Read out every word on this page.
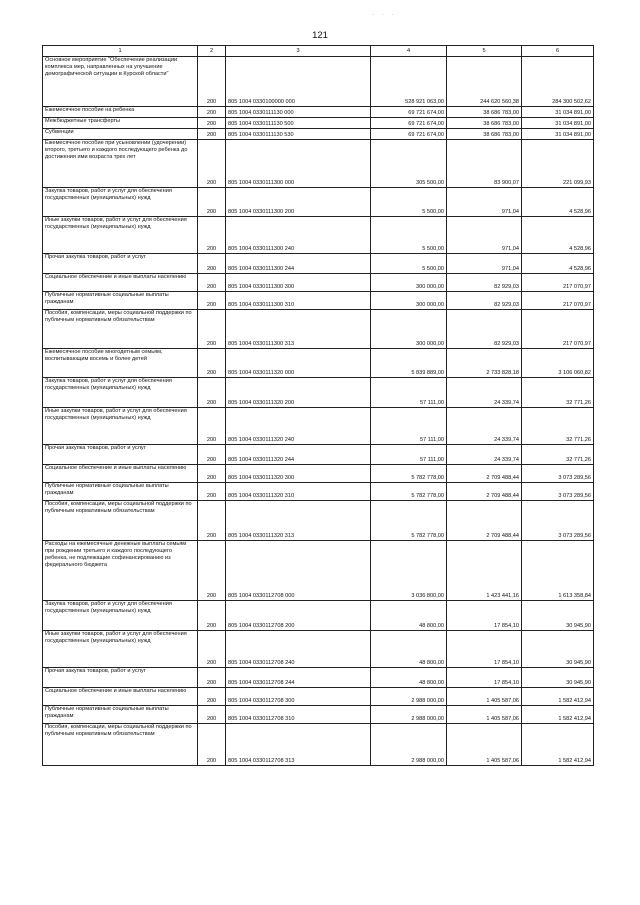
· · ·
121
1	2	3	4	5	6
Основное мероприятие "Обеспечение реализации комплекса мер, направленных на улучшение демографической ситуации в Курской области"	200	805 1004 0330100000 000	528 921 063,00	244 620 560,38	284 300 502,62
Ежемесячное пособие на ребенка	200	805 1004 0330111130 000	69 721 674,00	38 686 783,00	31 034 891,00
Межбюджетные трансферты	200	805 1004 0330111130 500	69 721 674,00	38 686 783,00	31 034 891,00
Субвенции	200	805 1004 0330111130 530	69 721 674,00	38 686 783,00	31 034 891,00
Ежемесячное пособие при усыновлении (удочерении) второго, третьего и каждого последующего ребенка до достижения ими возраста трех лет	200	805 1004 0330111300 000	305 500,00	83 900,07	221 099,93
Закупка товаров, работ и услуг для обеспечения государственных (муниципальных) нужд	200	805 1004 0330111300 200	5 500,00	971,04	4 528,96
Иные закупки товаров, работ и услуг для обеспечения государственных (муниципальных) нужд	200	805 1004 0330111300 240	5 500,00	971,04	4 528,96
Прочая закупка товаров, работ и услуг	200	805 1004 0330111300 244	5 500,00	971,04	4 528,96
Социальное обеспечение и иные выплаты населению	200	805 1004 0330111300 300	300 000,00	82 929,03	217 070,97
Публичные нормативные социальные выплаты гражданам	200	805 1004 0330111300 310	300 000,00	82 929,03	217 070,97
Пособия, компенсации, меры социальной поддержки по публичным нормативным обязательствам	200	805 1004 0330111300 313	300 000,00	82 929,03	217 070,97
Ежемесячное пособие многодетным семьям, воспитывающим восемь и более детей	200	805 1004 0330111320 000	5 839 889,00	2 733 828,18	3 106 060,82
Закупка товаров, работ и услуг для обеспечения государственных (муниципальных) нужд	200	805 1004 0330111320 200	57 111,00	24 339,74	32 771,26
Иные закупки товаров, работ и услуг для обеспечения государственных (муниципальных) нужд	200	805 1004 0330111320 240	57 111,00	24 339,74	32 771,26
Прочая закупка товаров, работ и услуг	200	805 1004 0330111320 244	57 111,00	24 339,74	32 771,26
Социальное обеспечение и иные выплаты населению	200	805 1004 0330111320 300	5 782 778,00	2 709 488,44	3 073 289,56
Публичные нормативные социальные выплаты гражданам	200	805 1004 0330111320 310	5 782 778,00	2 709 488,44	3 073 289,56
Пособия, компенсации, меры социальной поддержки по публичным нормативным обязательствам	200	805 1004 0330111320 313	5 782 778,00	2 709 488,44	3 073 289,56
Расходы на ежемесячные денежные выплаты семьям при рождении третьего и каждого последующего ребенка, не подлежащие софинансированию из федерального бюджета	200	805 1004 0330112708 000	3 036 800,00	1 423 441,16	1 613 358,84
Закупка товаров, работ и услуг для обеспечения государственных (муниципальных) нужд	200	805 1004 0330112708 200	48 800,00	17 854,10	30 945,90
Иные закупки товаров, работ и услуг для обеспечения государственных (муниципальных) нужд	200	805 1004 0330112708 240	48 800,00	17 854,10	30 945,90
Прочая закупка товаров, работ и услуг	200	805 1004 0330112708 244	48 800,00	17 854,10	30 945,90
Социальное обеспечение и иные выплаты населению	200	805 1004 0330112708 300	2 988 000,00	1 405 587,06	1 582 412,94
Публичные нормативные социальные выплаты гражданам	200	805 1004 0330112708 310	2 988 000,00	1 405 587,06	1 582 412,94
Пособия, компенсации, меры социальной поддержки по публичным нормативным обязательствам	200	805 1004 0330112708 313	2 988 000,00	1 405 587,06	1 582 412,94
